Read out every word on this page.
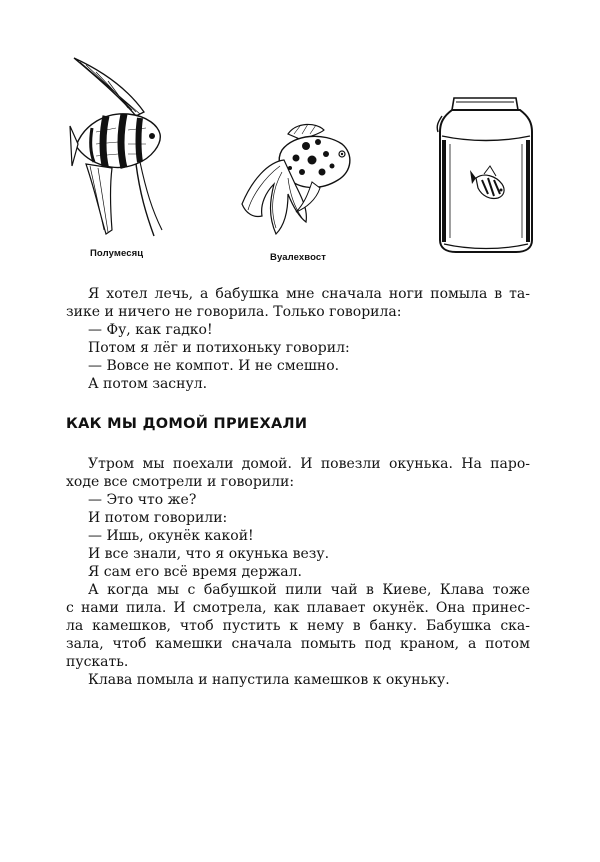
Полумесяц	Вуалехвост
Я хотел лечь, а бабушка мне сначала ноги помыла в та-
зике и ничего не говорила. Только говорила:
— Фу, как гадко!
Потом я лёг и потихоньку говорил:
— Вовсе не компот. И не смешно.
А потом заснул.
КАК МЫ ДОМОЙ ПРИЕХАЛИ
Утром мы поехали домой. И повезли окунька. На паро-
ходе все смотрели и говорили:
— Это что же?
И потом говорили:
— Ишь, окунёк какой!
И все знали, что я окунька везу.
Я сам его всё время держал.
А когда мы с бабушкой пили чай в Киеве, Клава тоже
с нами пила. И смотрела, как плавает окунёк. Она принес-
ла камешков, чтоб пустить к нему в банку. Бабушка ска-
зала, чтоб камешки сначала помыть под краном, а потом
пускать.
Клава помыла и напустила камешков к окуньку.
